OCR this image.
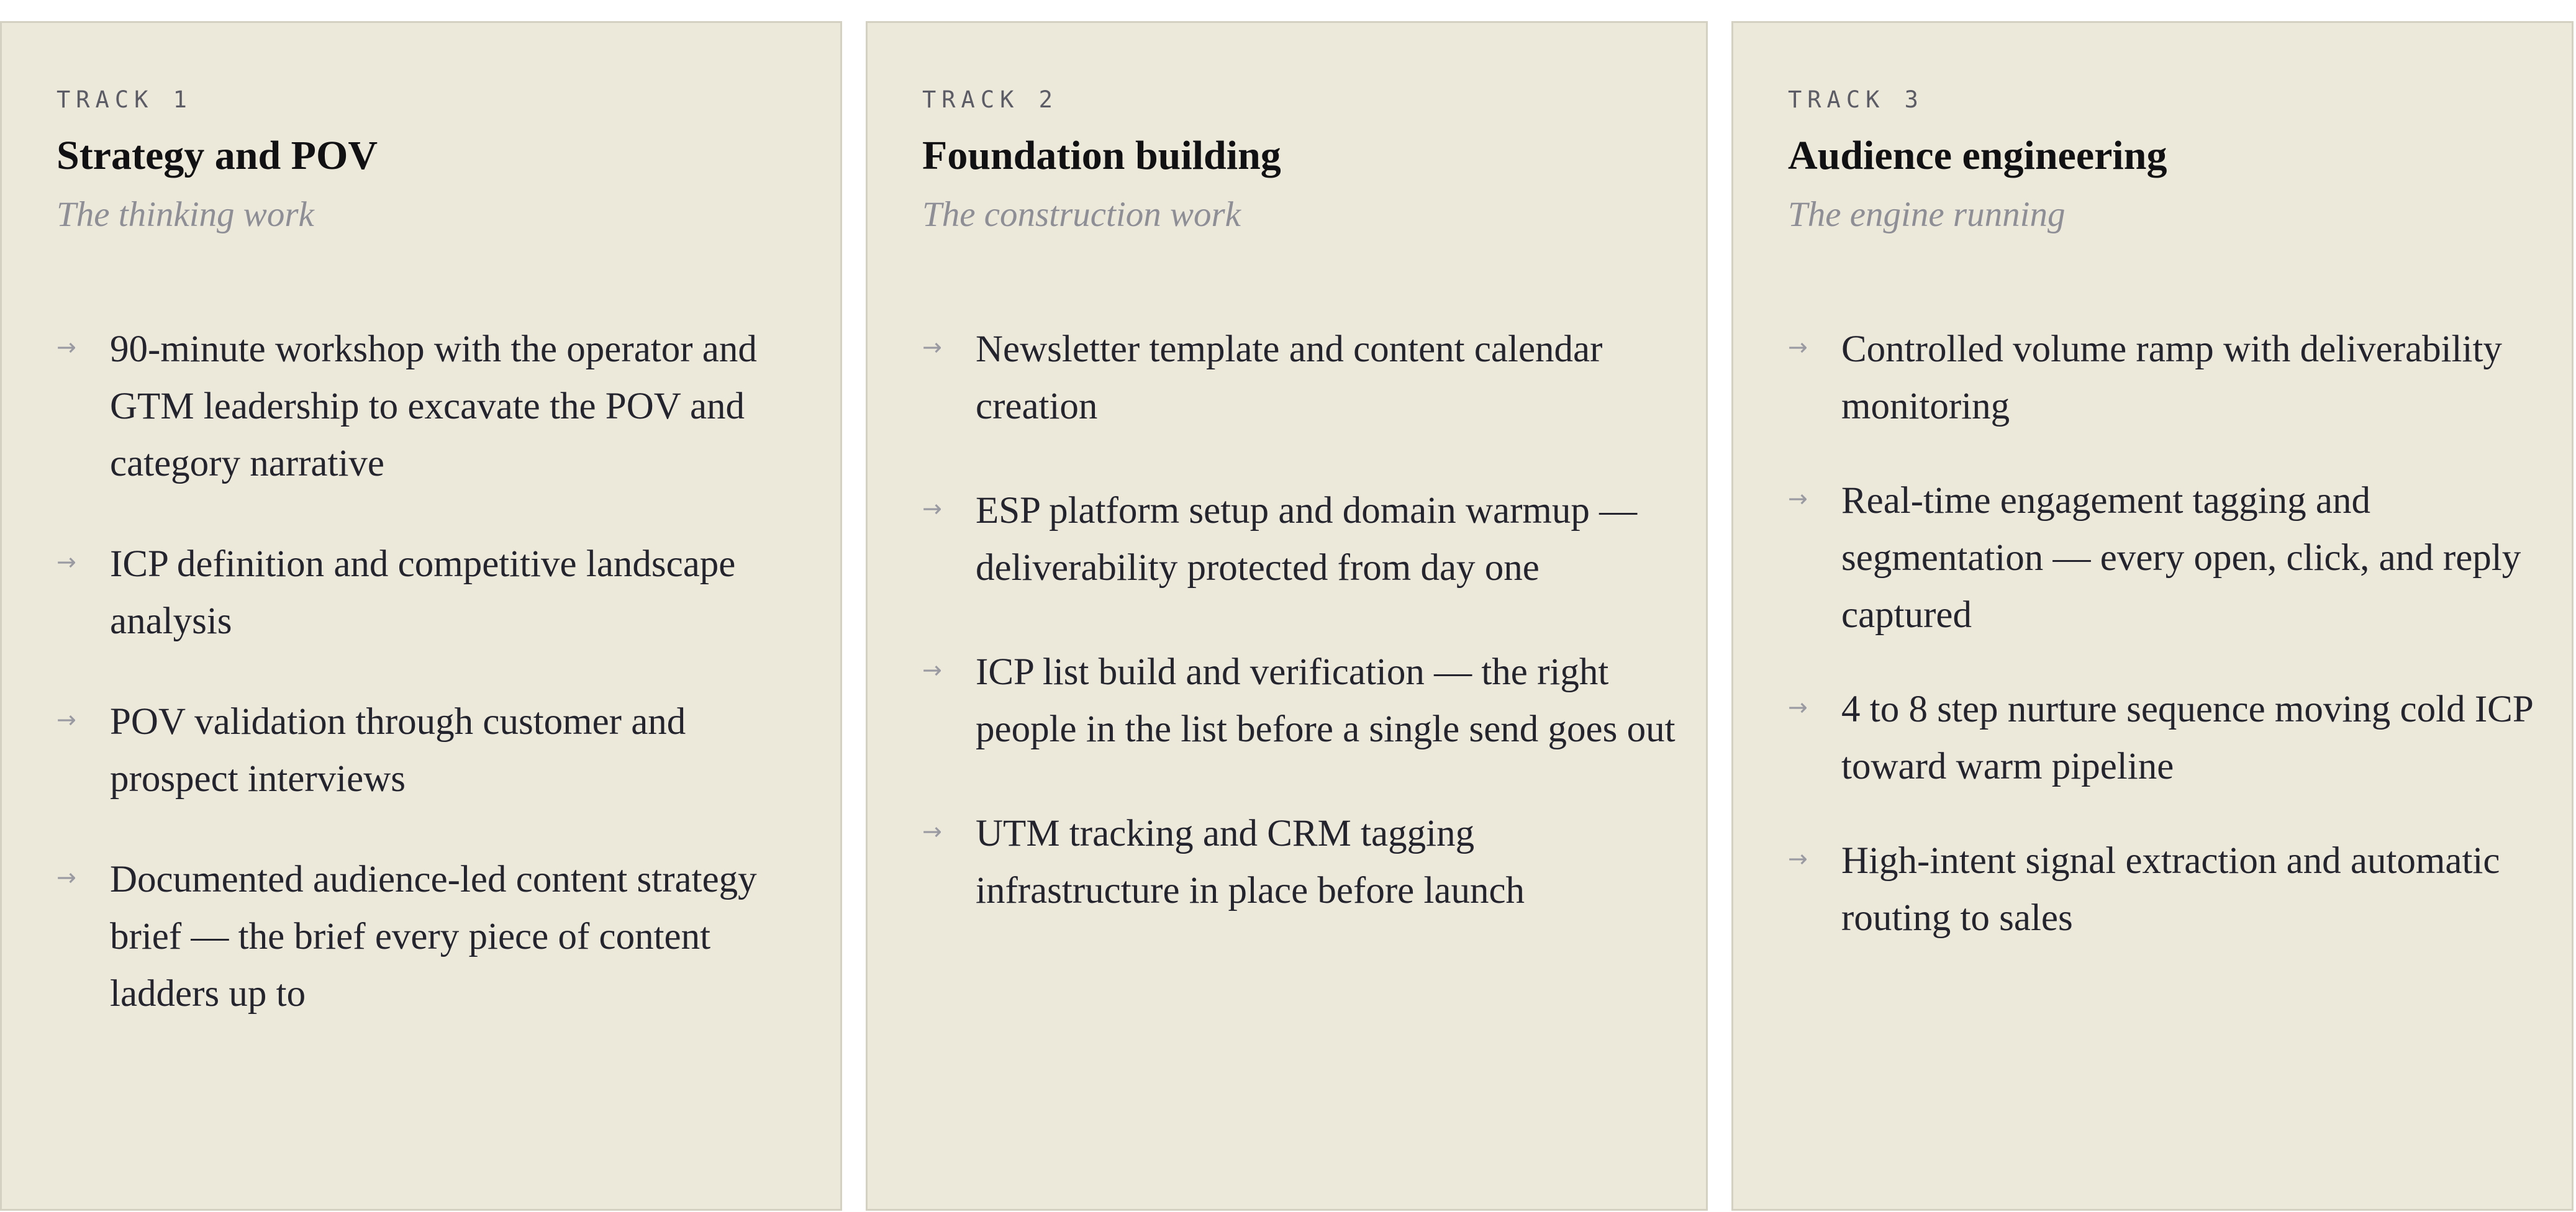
TRACK 1
Strategy and POV
The thinking work
→ 90-minute workshop with the operator and GTM leadership to excavate the POV and category narrative
→ ICP definition and competitive landscape analysis
→ POV validation through customer and prospect interviews
→ Documented audience-led content strategy brief — the brief every piece of content ladders up to
TRACK 2
Foundation building
The construction work
→ Newsletter template and content calendar creation
→ ESP platform setup and domain warmup — deliverability protected from day one
→ ICP list build and verification — the right people in the list before a single send goes out
→ UTM tracking and CRM tagging infrastructure in place before launch
TRACK 3
Audience engineering
The engine running
→ Controlled volume ramp with deliverability monitoring
→ Real-time engagement tagging and segmentation — every open, click, and reply captured
→ 4 to 8 step nurture sequence moving cold ICP toward warm pipeline
→ High-intent signal extraction and automatic routing to sales
